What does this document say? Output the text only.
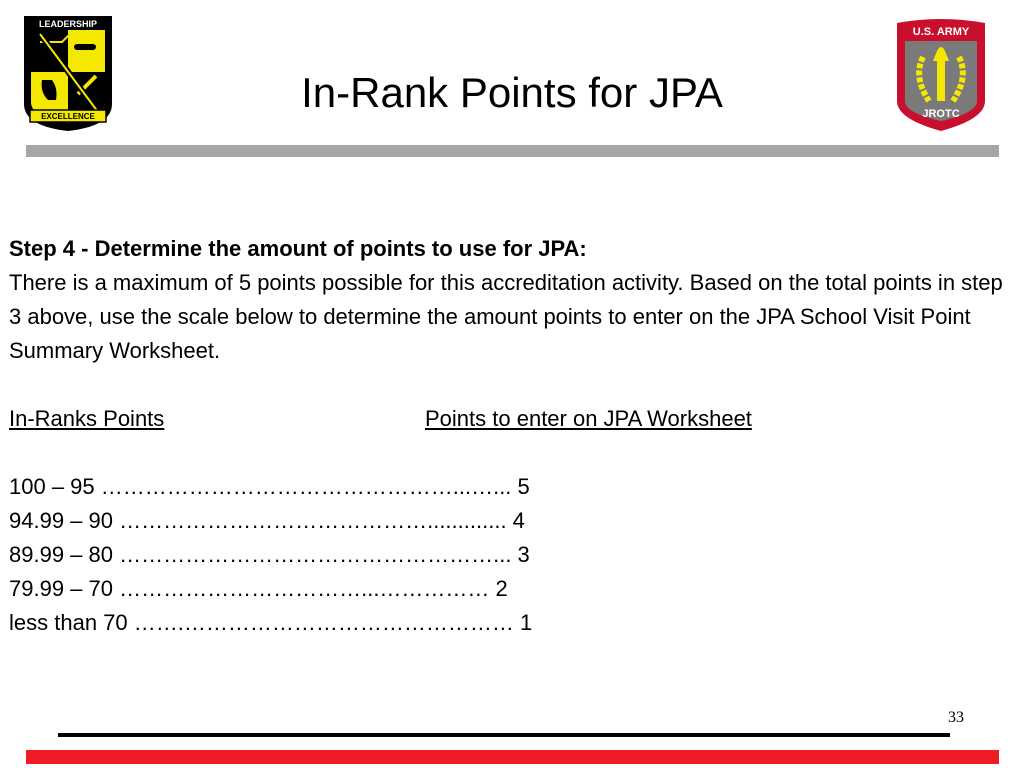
LEADERSHIP
EXCELLENCE
In-Rank Points for JPA
U.S. ARMY
JROTC
Step 4 - Determine the amount of points to use for JPA:
There is a maximum of 5 points possible for this accreditation activity. Based on the total points in step 3 above, use the scale below to determine the amount points to enter on the JPA School Visit Point Summary Worksheet.
In-Ranks Points	Points to enter on JPA Worksheet
100 – 95 …………………………………………...…... 5
94.99 – 90 ……………………………………............. 4
89.99 – 80 ……………………………………………... 3
79.99 – 70 ……………………………...…………… 2
less than 70 …….……………………………………… 1
33
